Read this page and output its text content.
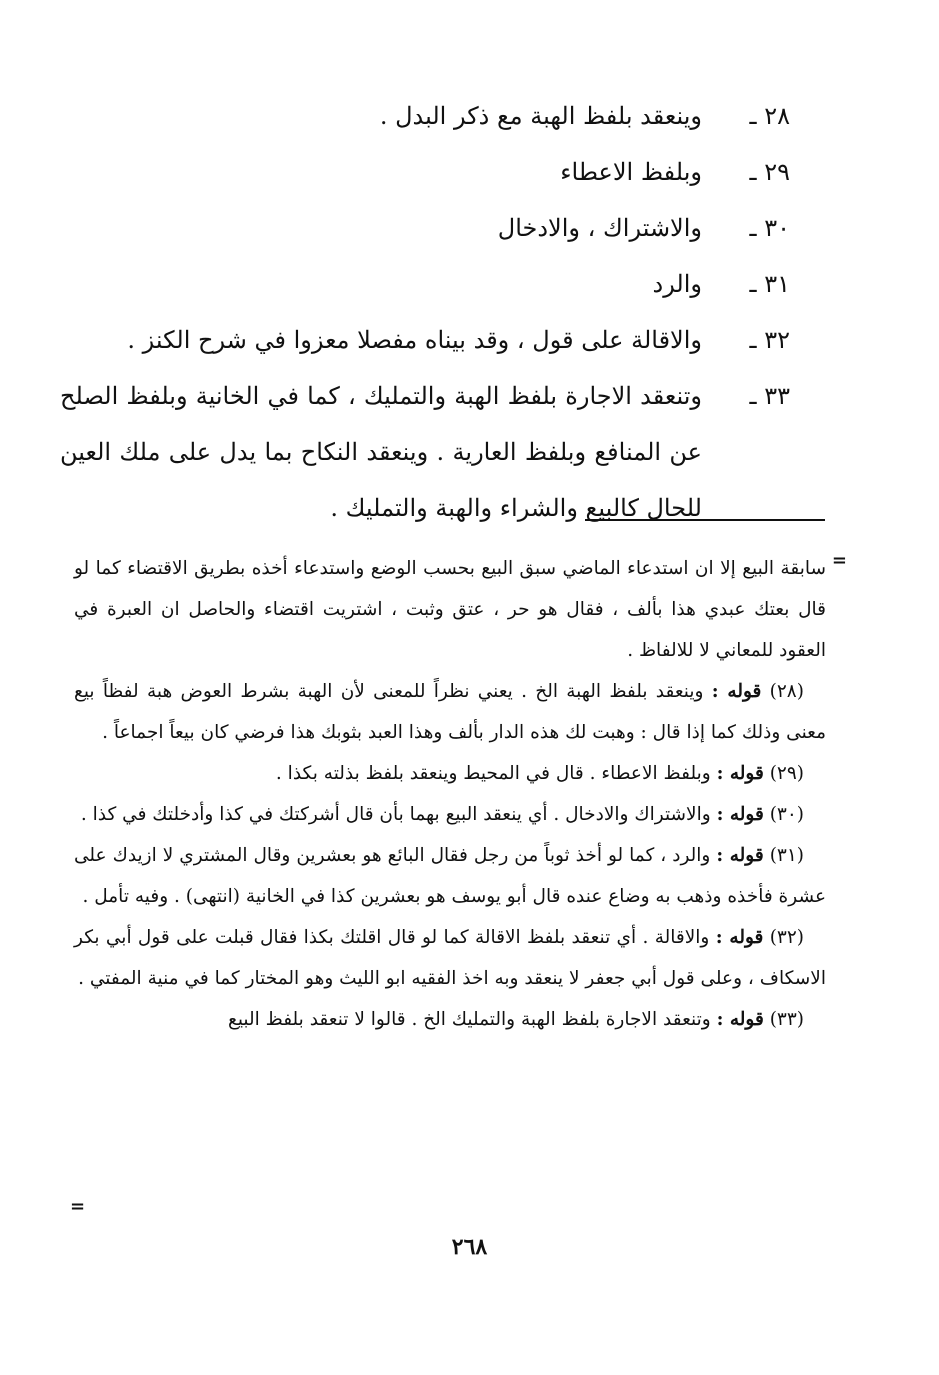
٢٨ ـ
وينعقد بلفظ الهبة مع ذكر البدل .
٢٩ ـ
وبلفظ الاعطاء
٣٠ ـ
والاشتراك ، والادخال
٣١ ـ
والرد
٣٢ ـ
والاقالة على قول ، وقد بيناه مفصلا معزوا في شرح الكنز .
٣٣ ـ
وتنعقد الاجارة بلفظ الهبة والتمليك ، كما في الخانية وبلفظ الصلح عن المنافع وبلفظ العارية . وينعقد النكاح بما يدل على ملك العين للحال كالبيع والشراء والهبة والتمليك .
=

سابقة البيع إلا ان استدعاء الماضي سبق البيع بحسب الوضع واستدعاء أخذه بطريق الاقتضاء كما لو قال بعتك عبدي هذا بألف ، فقال هو حر ، عتق وثبت ، اشتريت اقتضاء والحاصل ان العبرة في العقود للمعاني لا للالفاظ .

(٢٨) قوله : وينعقد بلفظ الهبة الخ . يعني نظراً للمعنى لأن الهبة بشرط العوض هبة لفظاً بيع معنى وذلك كما إذا قال : وهبت لك هذه الدار بألف وهذا العبد بثوبك هذا فرضي كان بيعاً اجماعاً .

(٢٩) قوله : وبلفظ الاعطاء . قال في المحيط وينعقد بلفظ بذلته بكذا .

(٣٠) قوله : والاشتراك والادخال . أي ينعقد البيع بهما بأن قال أشركتك في كذا وأدخلتك في كذا .

(٣١) قوله : والرد ، كما لو أخذ ثوباً من رجل فقال البائع هو بعشرين وقال المشتري لا ازيدك على عشرة فأخذه وذهب به وضاع عنده قال أبو يوسف هو بعشرين كذا في الخانية (انتهى) . وفيه تأمل .

(٣٢) قوله : والاقالة . أي تنعقد بلفظ الاقالة كما لو قال اقلتك بكذا فقال قبلت على قول أبي بكر الاسكاف ، وعلى قول أبي جعفر لا ينعقد وبه اخذ الفقيه ابو الليث وهو المختار كما في منية المفتي .

(٣٣) قوله : وتنعقد الاجارة بلفظ الهبة والتمليك الخ . قالوا لا تنعقد بلفظ البيع

=
٢٦٨
